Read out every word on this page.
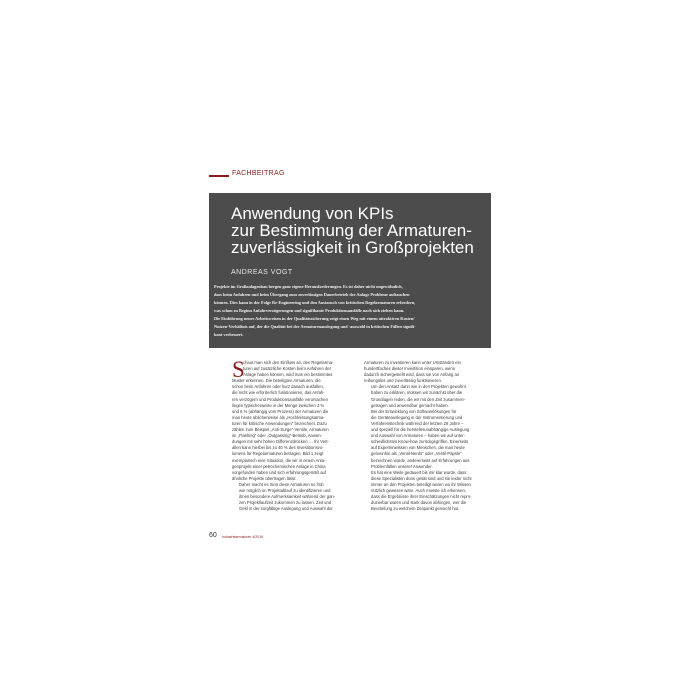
FACHBEITRAG
Anwendung von KPIs
zur Bestimmung der Armaturen-
zuverlässigkeit in Großprojekten
ANDREAS VOGT

Projekte im Großanlagenbau bergen ganz eigene Herausforderungen. Es ist daher nicht ungewöhnlich,
dass beim Anfahren und beim Übergang zum zuverlässigen Dauerbetrieb der Anlage Probleme auftauchen
können. Dies kann in der Folge Re-Engineering und den Austausch von kritischen Regelarmaturen erfordern,
was schon zu Beginn Anfahrverzögerungen und signifikante Produktionsausfälle nach sich ziehen kann.
Die Einführung neuer Arbeitsweisen in der Qualitätssicherung zeigt einen Weg mit einem attraktiven Kosten/
Nutzen-Verhältnis auf, der die Qualität bei der Armaturenauslegung und -auswahl in kritischen Fällen signifi-
kant verbessert.

S
chaut man sich den Einfluss an, den Regelarma-
turen auf zusätzliche Kosten beim Anfahren der
Anlage haben können, wird man ein bestimmtes
Muster erkennen. Die beteiligten Armaturen, die
schon beim Anfahren oder kurz danach ausfallen,
die nicht wie erforderlich funktionieren, das Anfah-
ren verzögern und Produktionsausfälle verursachen
liegen typischerweise in der Menge zwischen 3 %
und 6 % (abhängig vom Prozess) der Armaturen die
man heute üblicherweise als „Hochleistungsarma-
turen für kritische Anwendungen" bezeichnet. Dazu
zählen zum Beispiel „Anti-Surge"-Ventile, Armaturen
im „Flashing" oder „Outgassing"-Betrieb, Anwen-
dungen mit sehr hohen Differenzdrücken … Ihr Vert-
allen kann hierbei bis zu 40 % des Investitionsvo-
lumens für Regelarmaturen betragen. Bild 1 zeigt
exemplarisch eine Situation, die wir in einem Anla-
genprojekt einer petrochemischen Anlage in China
vorgefunden haben und sich erfahrungsgemäß auf
ähnliche Projekte übertragen lässt.
Daher macht es Sinn diese Armaturen so früh
wie möglich im Projektablauf zu identifizieren und
ihnen besondere Aufmerksamkeit während der gan-
zen Projektlaufzeit zukommen zu lassen. Zeit und
Geld in der sorgfältige Auslegung und Auswahl der
Armaturen zu investieren kann unter Umständen ein
hundertfaches dieser Investition einsparen, wenn
dadurch sichergestellt wird, dass sie von Anfang an
reibungslos und zuverlässig funktionieren.
Um den Ansatz dann wie in den Projekten gewohnt
haben zu erklären, müssen wir zunächst über die
Grundlagen reden, die wir mit den Zeit zusammen-
getragen und anwendbar gemacht haben.
Bei der Entwicklung von Softwarelösungen für
die Geräteauslegung in der Instrumentierung und
Verfahrenstechnik während der letzten 29 Jahre –
und speziell für die herstellerunabhängige Auslegung
und Auswahl von Armaturen – haben wir auf unter-
schiedlichstes Know-how zurückgegriffen. Einerseits
auf Expertenwissen von Menschen, die man heute
gemeinhin als „Ventil-Nerds" oder „Ventil-Päpste"
bezeichnen würde, andererseits auf Erfahrungen aus
Problemfällen unserer Anwender.
Es hat eine Weile gedauert bis mir klar wurde, dass
diese Spezialisten dünn gesät sind und sie leider nicht
immer an den Projekten beteiligt waren wo ihr Wissen
nützlich gewesen wäre. Auch musste ich erkennen,
dass die Ergebnisse ihrer Einschätzungen nicht repro-
duzierbar waren und stark davon abhingen, wer die
Beurteilung zu welchem Zeitpunkt gemacht hat.
60 Industriearmaturen 4/2016
